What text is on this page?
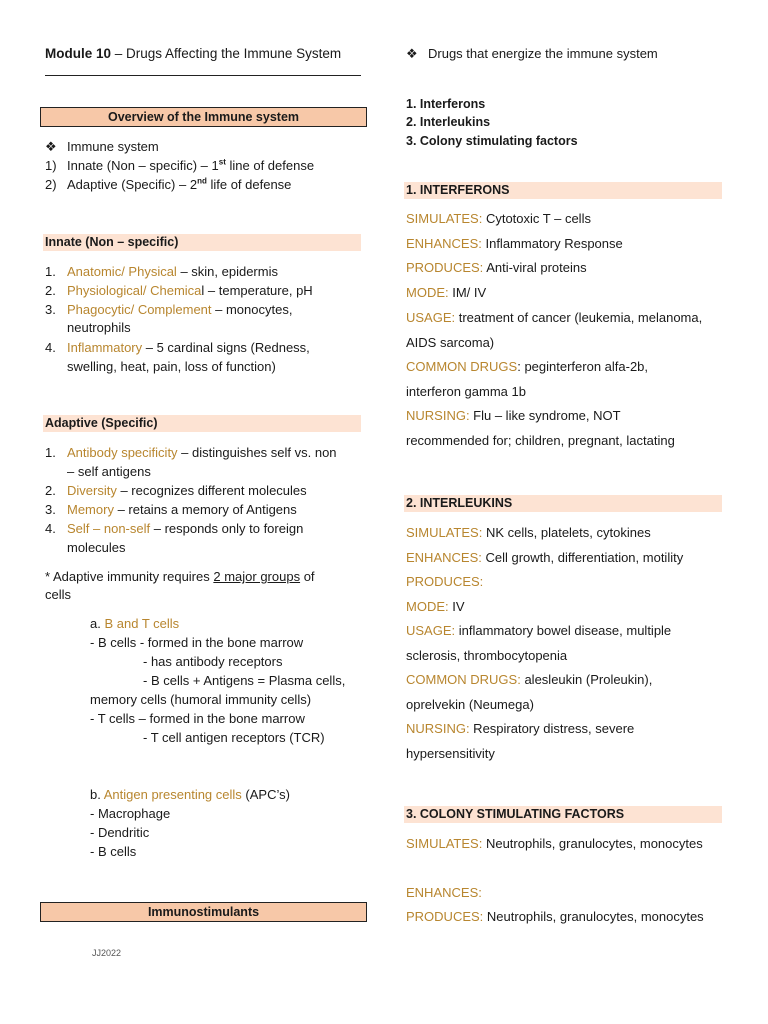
Module 10 – Drugs Affecting the Immune System
Overview of the Immune system
❖ Immune system
1) Innate (Non – specific) – 1st line of defense
2) Adaptive (Specific) – 2nd life of defense
Innate (Non – specific)
1. Anatomic/ Physical – skin, epidermis
2. Physiological/ Chemical – temperature, pH
3. Phagocytic/ Complement – monocytes,
neutrophils
4. Inflammatory – 5 cardinal signs (Redness,
swelling, heat, pain, loss of function)
Adaptive (Specific)
1. Antibody specificity – distinguishes self vs. non
– self antigens
2. Diversity – recognizes different molecules
3. Memory – retains a memory of Antigens
4. Self – non-self – responds only to foreign
molecules
* Adaptive immunity requires 2 major groups of
cells
a. B and T cells
- B cells - formed in the bone marrow
- has antibody receptors
- B cells + Antigens = Plasma cells,
memory cells (humoral immunity cells)
- T cells – formed in the bone marrow
- T cell antigen receptors (TCR)
b. Antigen presenting cells (APC’s)
- Macrophage
- Dendritic
- B cells
Immunostimulants
JJ2022
❖ Drugs that energize the immune system
1. Interferons
2. Interleukins
3. Colony stimulating factors
1. INTERFERONS
SIMULATES: Cytotoxic T – cells
ENHANCES: Inflammatory Response
PRODUCES: Anti-viral proteins
MODE: IM/ IV
USAGE: treatment of cancer (leukemia, melanoma,
AIDS sarcoma)
COMMON DRUGS: peginterferon alfa-2b,
interferon gamma 1b
NURSING: Flu – like syndrome, NOT
recommended for; children, pregnant, lactating
2. INTERLEUKINS
SIMULATES: NK cells, platelets, cytokines
ENHANCES: Cell growth, differentiation, motility
PRODUCES:
MODE: IV
USAGE: inflammatory bowel disease, multiple
sclerosis, thrombocytopenia
COMMON DRUGS: alesleukin (Proleukin),
oprelvekin (Neumega)
NURSING: Respiratory distress, severe
hypersensitivity
3. COLONY STIMULATING FACTORS
SIMULATES: Neutrophils, granulocytes, monocytes
ENHANCES:
PRODUCES: Neutrophils, granulocytes, monocytes
